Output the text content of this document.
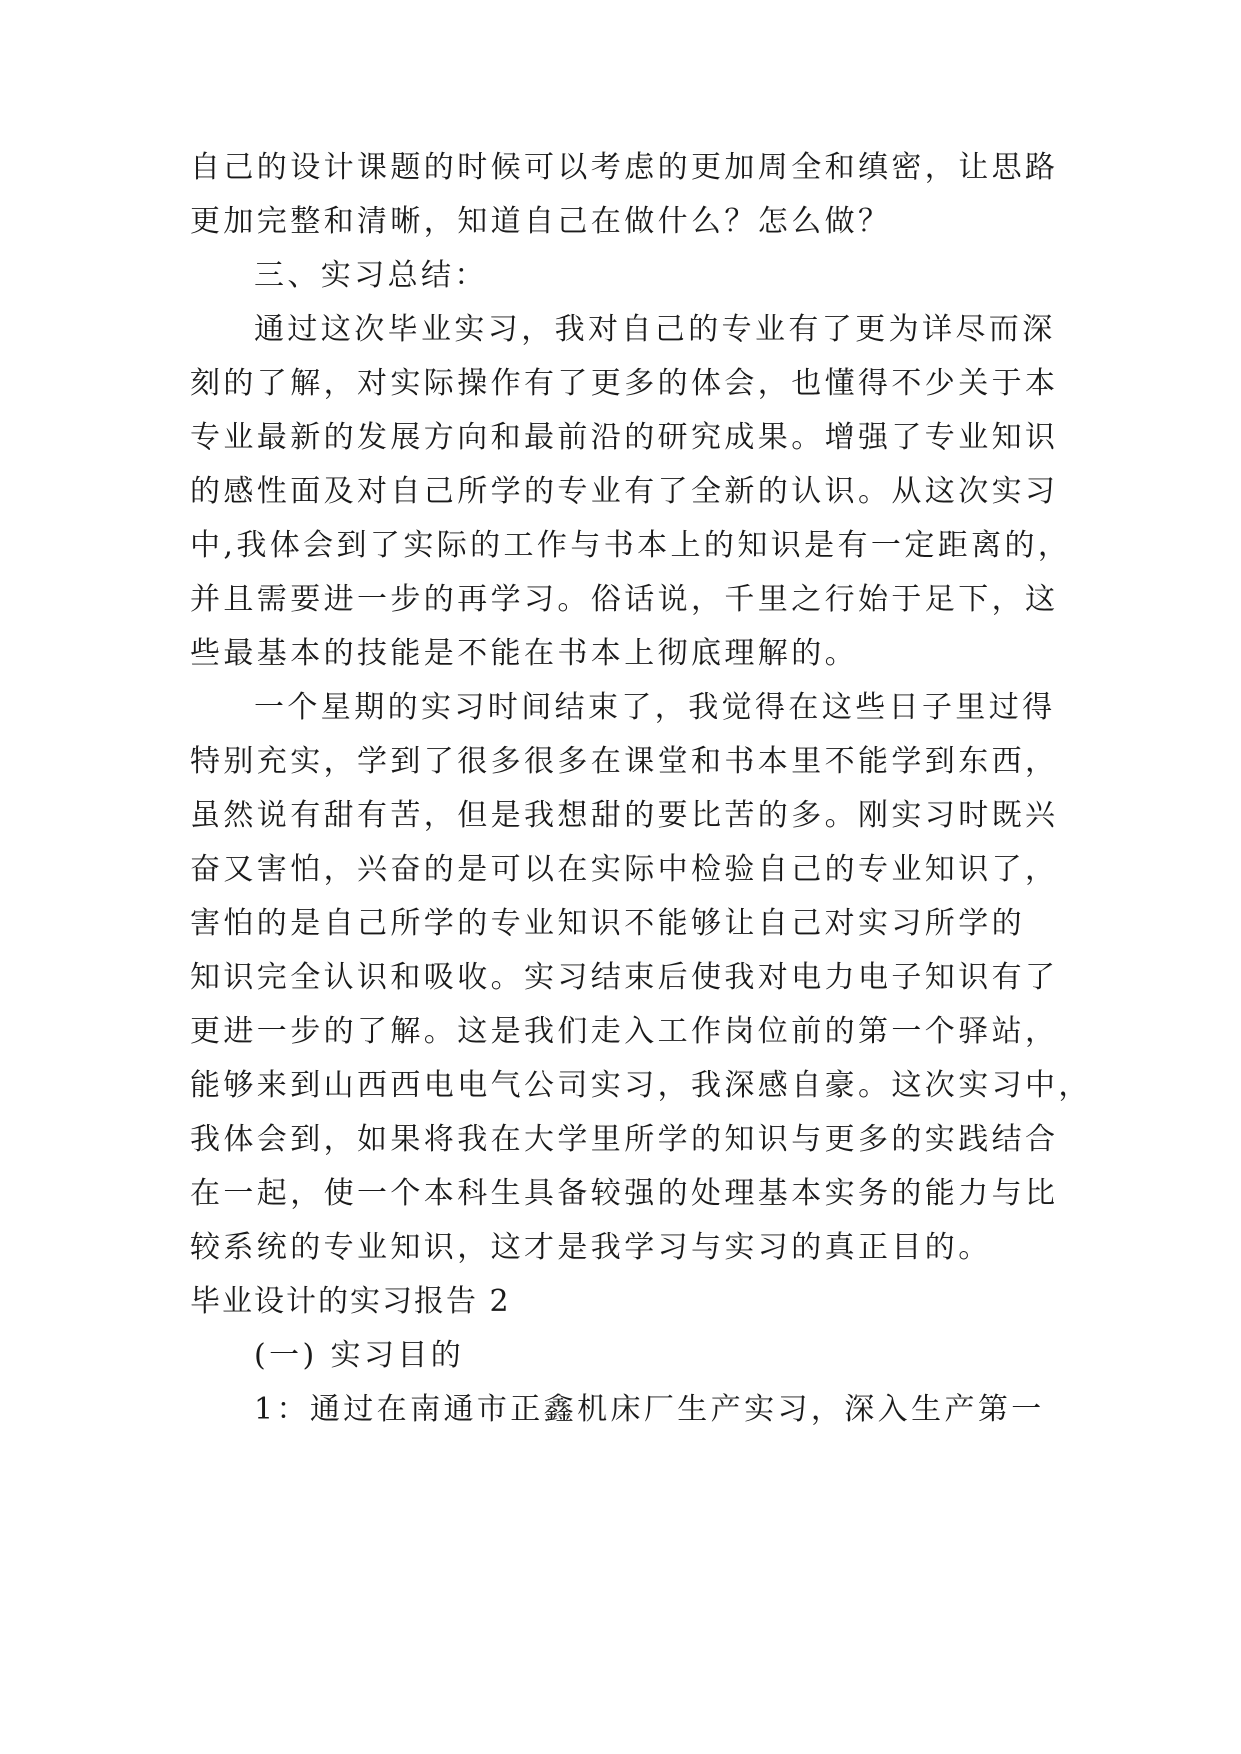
自己的设计课题的时候可以考虑的更加周全和缜密，让思路

更加完整和清晰，知道自己在做什么？怎么做？

三、实习总结：

通过这次毕业实习，我对自己的专业有了更为详尽而深

刻的了解，对实际操作有了更多的体会，也懂得不少关于本

专业最新的发展方向和最前沿的研究成果。增强了专业知识

的感性面及对自己所学的专业有了全新的认识。从这次实习

中,我体会到了实际的工作与书本上的知识是有一定距离的，

并且需要进一步的再学习。俗话说，千里之行始于足下，这

些最基本的技能是不能在书本上彻底理解的。

一个星期的实习时间结束了，我觉得在这些日子里过得

特别充实，学到了很多很多在课堂和书本里不能学到东西，

虽然说有甜有苦，但是我想甜的要比苦的多。刚实习时既兴

奋又害怕，兴奋的是可以在实际中检验自己的专业知识了，

害怕的是自己所学的专业知识不能够让自己对实习所学的

知识完全认识和吸收。实习结束后使我对电力电子知识有了

更进一步的了解。这是我们走入工作岗位前的第一个驿站，

能够来到山西西电电气公司实习，我深感自豪。这次实习中，

我体会到，如果将我在大学里所学的知识与更多的实践结合

在一起，使一个本科生具备较强的处理基本实务的能力与比

较系统的专业知识，这才是我学习与实习的真正目的。

毕业设计的实习报告 2

(一) 实习目的

1：通过在南通市正鑫机床厂生产实习，深入生产第一
